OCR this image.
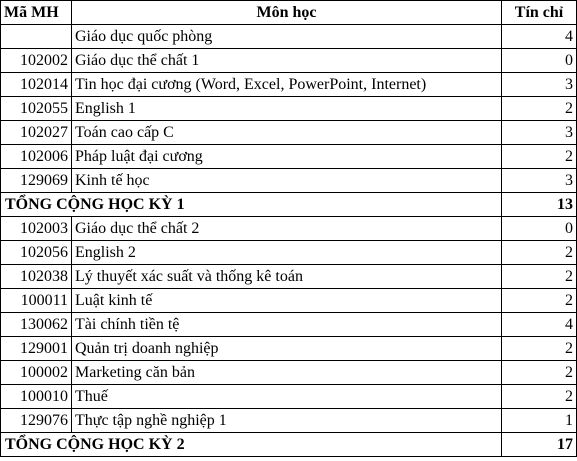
Mã MH	Môn học	Tín chỉ
	Giáo dục quốc phòng	4
102002	Giáo dục thể chất 1	0
102014	Tin học đại cương (Word, Excel, PowerPoint, Internet)	3
102055	English 1	2
102027	Toán cao cấp C	3
102006	Pháp luật đại cương	2
129069	Kinh tế học	3
TỔNG CỘNG HỌC KỲ 1		13
102003	Giáo dục thể chất 2	0
102056	English 2	2
102038	Lý thuyết xác suất và thống kê toán	2
100011	Luật kinh tế	2
130062	Tài chính tiền tệ	4
129001	Quản trị doanh nghiệp	2
100002	Marketing căn bản	2
100010	Thuế	2
129076	Thực tập nghề nghiệp 1	1
TỔNG CỘNG HỌC KỲ 2		17
